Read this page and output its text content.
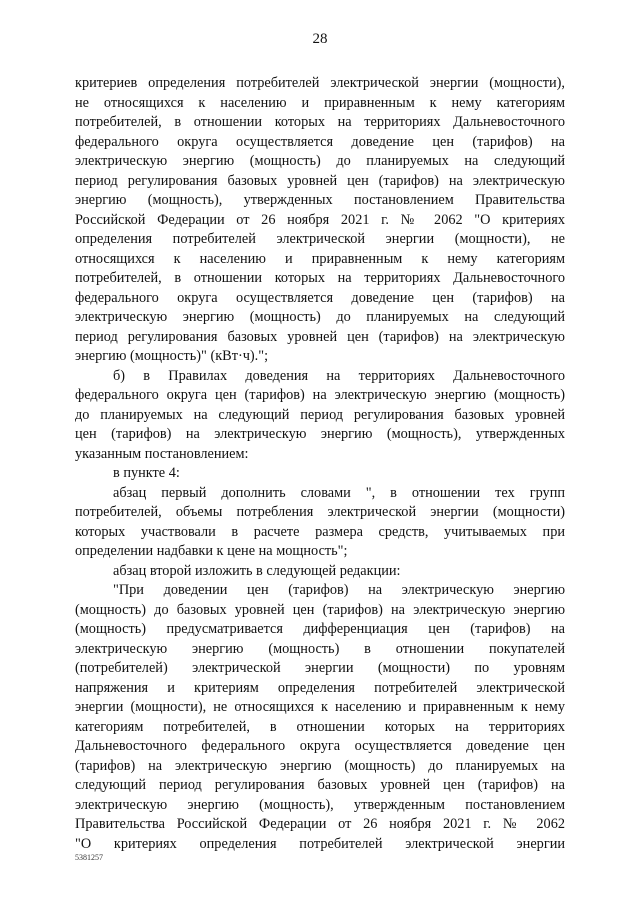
28
критериев определения потребителей электрической энергии (мощности),
не относящихся к населению и приравненным к нему категориям
потребителей, в отношении которых на территориях Дальневосточного
федерального округа осуществляется доведение цен (тарифов) на
электрическую энергию (мощность) до планируемых на следующий
период регулирования базовых уровней цен (тарифов) на электрическую
энергию (мощность), утвержденных постановлением Правительства
Российской Федерации от 26 ноября 2021 г. № 2062 "О критериях
определения потребителей электрической энергии (мощности), не
относящихся к населению и приравненным к нему категориям
потребителей, в отношении которых на территориях Дальневосточного
федерального округа осуществляется доведение цен (тарифов) на
электрическую энергию (мощность) до планируемых на следующий
период регулирования базовых уровней цен (тарифов) на электрическую
энергию (мощность)" (кВт·ч).";
б) в Правилах доведения на территориях Дальневосточного
федерального округа цен (тарифов) на электрическую энергию (мощность)
до планируемых на следующий период регулирования базовых уровней
цен (тарифов) на электрическую энергию (мощность), утвержденных
указанным постановлением:
в пункте 4:
абзац первый дополнить словами ", в отношении тех групп
потребителей, объемы потребления электрической энергии (мощности)
которых участвовали в расчете размера средств, учитываемых при
определении надбавки к цене на мощность";
абзац второй изложить в следующей редакции:
"При доведении цен (тарифов) на электрическую энергию
(мощность) до базовых уровней цен (тарифов) на электрическую энергию
(мощность) предусматривается дифференциация цен (тарифов) на
электрическую энергию (мощность) в отношении покупателей
(потребителей) электрической энергии (мощности) по уровням
напряжения и критериям определения потребителей электрической
энергии (мощности), не относящихся к населению и приравненным к нему
категориям потребителей, в отношении которых на территориях
Дальневосточного федерального округа осуществляется доведение цен
(тарифов) на электрическую энергию (мощность) до планируемых на
следующий период регулирования базовых уровней цен (тарифов) на
электрическую энергию (мощность), утвержденным постановлением
Правительства Российской Федерации от 26 ноября 2021 г. № 2062
"О критериях определения потребителей электрической энергии
5381257
